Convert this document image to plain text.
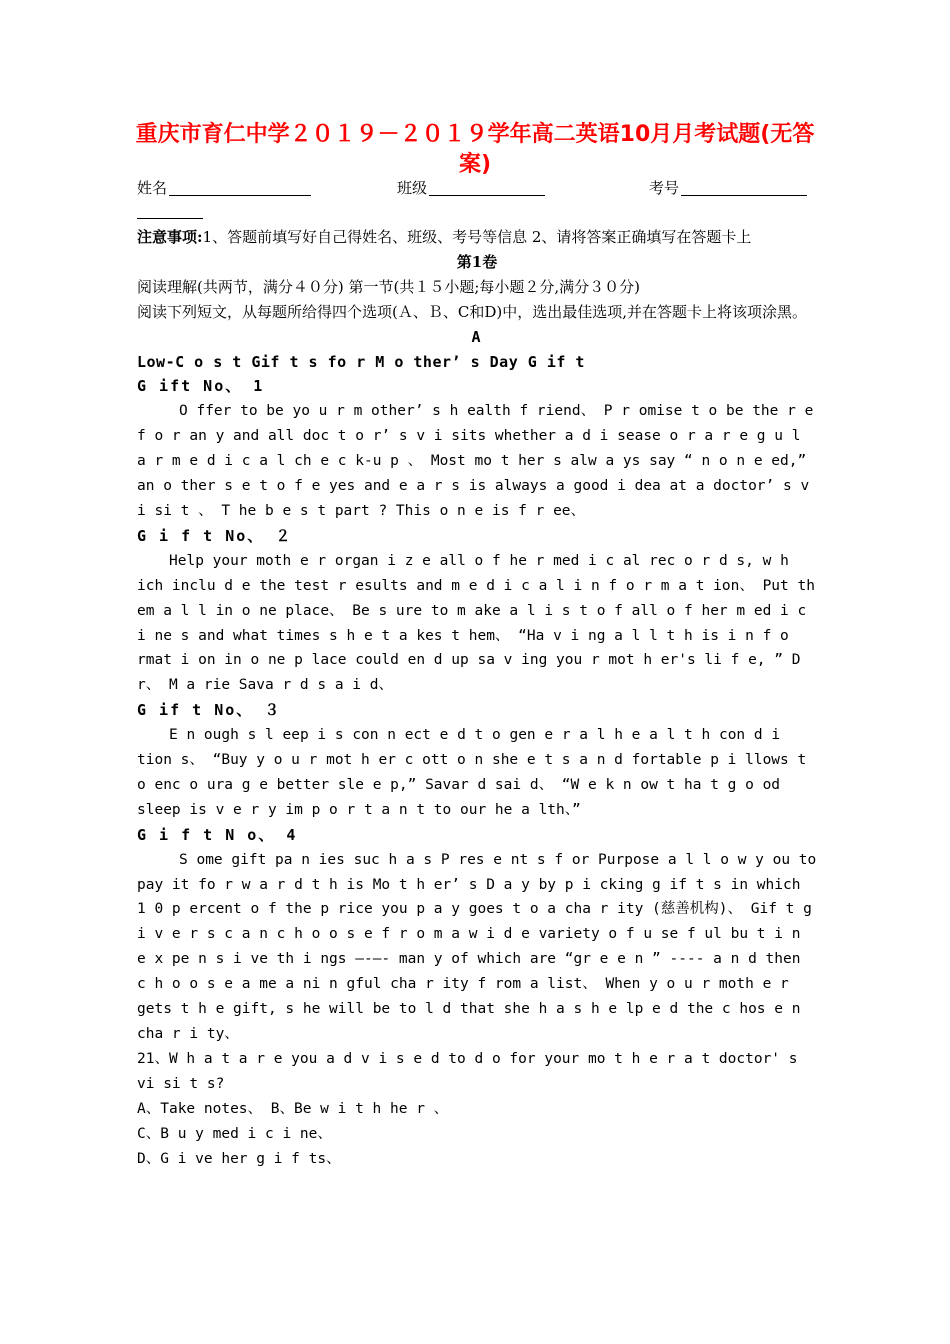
重庆市育仁中学２０１９－２０１９学年高二英语10月月考试题(无答案)
姓名	班级	考号

注意事项:1、答题前填写好自己得姓名、班级、考号等信息 2、请将答案正确填写在答题卡上

第1卷

阅读理解(共两节，满分４０分) 第一节(共１５小题;每小题２分,满分３０分)

阅读下列短文，从每题所给得四个选项(Ａ、Ｂ、C和D)中，选出最佳选项,并在答题卡上将该项涂黑。

A

Low-C o s t Gif t s fo r M o ther’ s Day G if t

G ift No、 1

O ffer to be yo u r m other’ s h ealth f riend、 P r omise t o be the r e f o r an y and all doc t o r’ s v i sits whether a d i sease o r a r e g u l a r m e d i c a l ch e c k-u p 、 Most mo t her s alw a ys say “ n o n e ed,” an o ther s e t o f e yes and e a r s is always a good i dea at a doctor’ s v i si t 、 T he b e s t part ? This o n e is f r ee、

G i f t No、 ２

Help your moth e r organ i z e all o f he r med i c al rec o r d s, w h ich inclu d e the test r esults and m e d i c a l i n f o r m a t ion、 Put th em a l l in o ne place、 Be s ure to m ake a l i s t o f all o f her m ed i c i ne s and what times s h e t a kes t hem、 “Ha v i ng a l l t h is i n f o rmat i on in o ne p lace could en d up sa v ing you r mot h er's li f e, ” D r、 M a rie Sava r d s a i d、

G if t No、 ３

E n ough s l eep i s con n ect e d t o gen e r a l h e a l t h con d i tion s、 “Buy y o u r mot h er c ott o n she e t s a n d fortable p i llows t o enc o ura g e better sle e p,” Savar d sai d、 “W e k n ow t ha t g o od sleep is v e r y im p o r t a n t to our he a lth、”

G i f t N o、 4

S ome gift pa n ies suc h a s P res e nt s f or Purpose a l l o w y ou to pay it fo r w a r d t h is Mo t h er’ s D a y by p i cking g if t s in which 1 0 p ercent o f the p rice you p a y goes t o a cha r ity (慈善机构)、 Gif t g i v e r s c a n c h o o s e f r o m a w i d e variety o f u se f ul bu t i n e x pe n s i ve th i ngs —-—- man y of which are “gr e e n ” ---- a n d then c h o o s e a me a ni n gful cha r ity f rom a list、 When y o u r moth e r gets t h e gift, s he will be to l d that she h a s h e lp e d the c hos e n cha r i ty、

21、W h a t a r e you a d v i s e d to d o for your mo t h e r a t doctor' s vi si t s?

A、Take notes、 B、Be w i t h he r 、

C、B u y med i c i ne、

D、G i ve her g i f ts、
